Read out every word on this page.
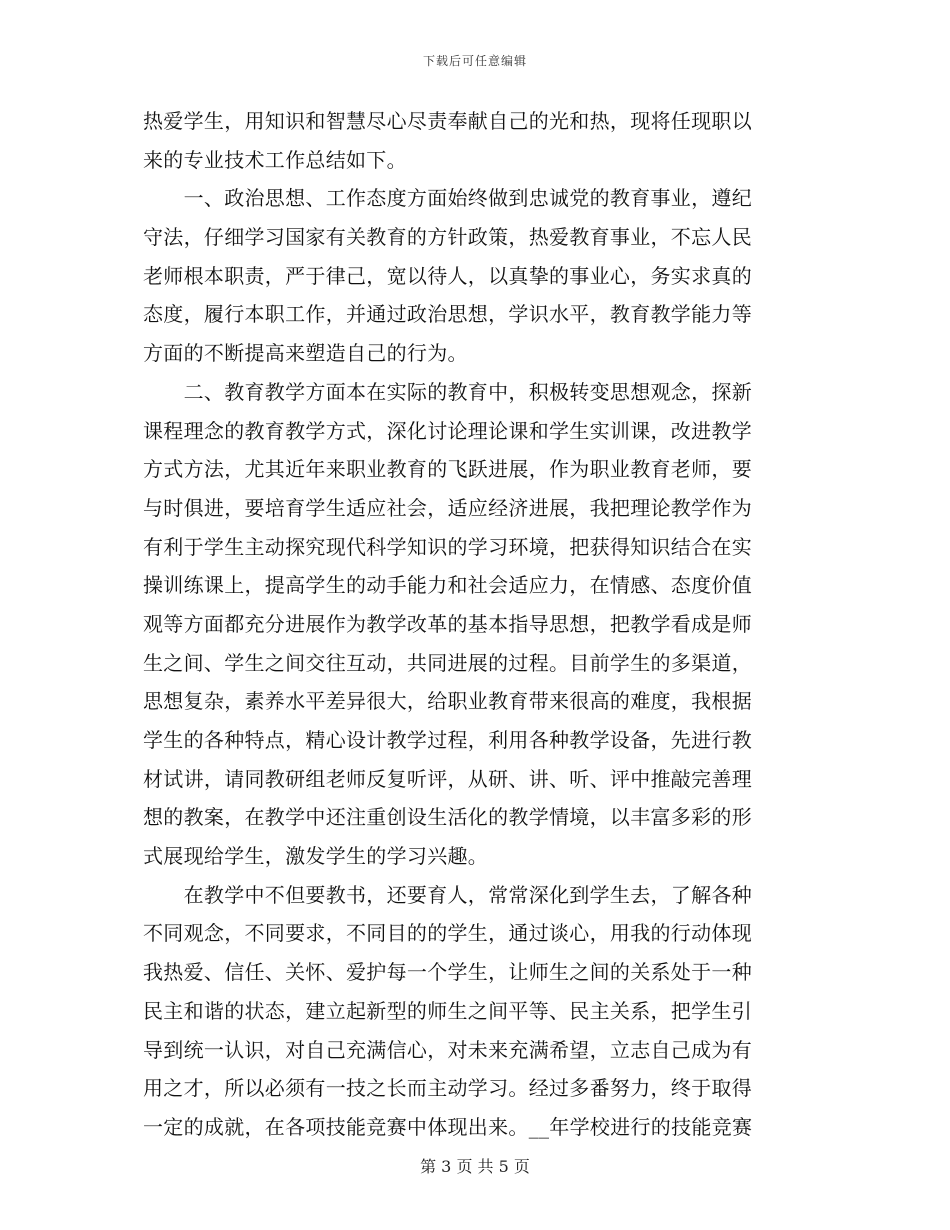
下载后可任意编辑
热爱学生，用知识和智慧尽心尽责奉献自己的光和热，现将任现职以
来的专业技术工作总结如下。
　　一、政治思想、工作态度方面始终做到忠诚党的教育事业，遵纪
守法，仔细学习国家有关教育的方针政策，热爱教育事业，不忘人民
老师根本职责，严于律己，宽以待人，以真挚的事业心，务实求真的
态度，履行本职工作，并通过政治思想，学识水平，教育教学能力等
方面的不断提高来塑造自己的行为。
　　二、教育教学方面本在实际的教育中，积极转变思想观念，探新
课程理念的教育教学方式，深化讨论理论课和学生实训课，改进教学
方式方法，尤其近年来职业教育的飞跃进展，作为职业教育老师，要
与时俱进，要培育学生适应社会，适应经济进展，我把理论教学作为
有利于学生主动探究现代科学知识的学习环境，把获得知识结合在实
操训练课上，提高学生的动手能力和社会适应力，在情感、态度价值
观等方面都充分进展作为教学改革的基本指导思想，把教学看成是师
生之间、学生之间交往互动，共同进展的过程。目前学生的多渠道，
思想复杂，素养水平差异很大，给职业教育带来很高的难度，我根据
学生的各种特点，精心设计教学过程，利用各种教学设备，先进行教
材试讲，请同教研组老师反复听评，从研、讲、听、评中推敲完善理
想的教案，在教学中还注重创设生活化的教学情境，以丰富多彩的形
式展现给学生，激发学生的学习兴趣。
　　在教学中不但要教书，还要育人，常常深化到学生去，了解各种
不同观念，不同要求，不同目的的学生，通过谈心，用我的行动体现
我热爱、信任、关怀、爱护每一个学生，让师生之间的关系处于一种
民主和谐的状态，建立起新型的师生之间平等、民主关系，把学生引
导到统一认识，对自己充满信心，对未来充满希望，立志自己成为有
用之才，所以必须有一技之长而主动学习。经过多番努力，终于取得
一定的成就，在各项技能竞赛中体现出来。__年学校进行的技能竞赛
第 3 页 共 5 页
